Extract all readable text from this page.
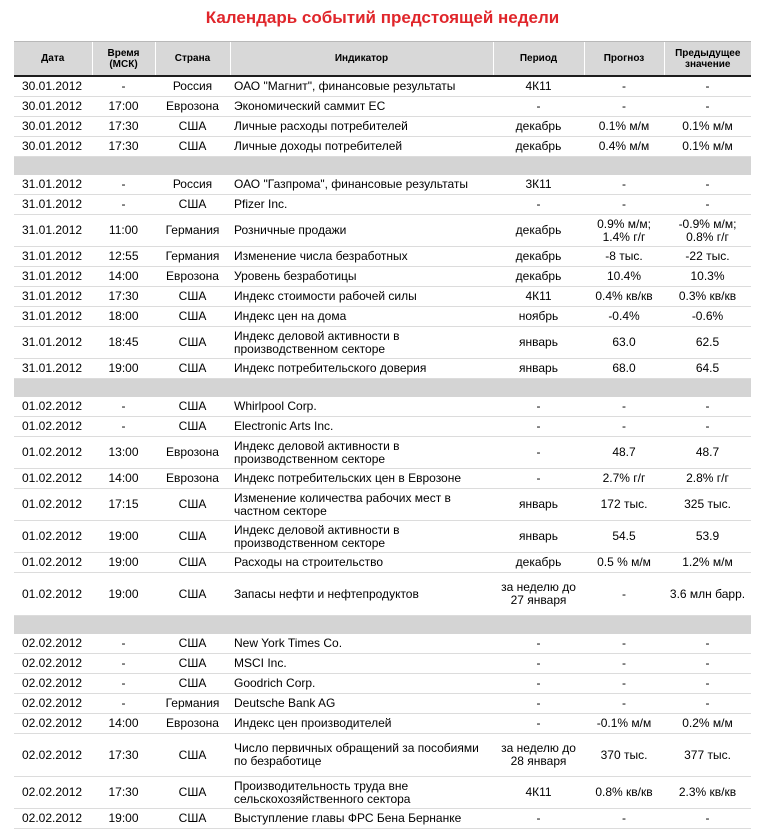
Календарь событий предстоящей недели
Дата	Время (МСК)	Страна	Индикатор	Период	Прогноз	Предыдущее значение
30.01.2012	-	Россия	ОАО "Магнит", финансовые результаты	4К11	-	-
30.01.2012	17:00	Еврозона	Экономический саммит ЕС	-	-	-
30.01.2012	17:30	США	Личные расходы потребителей	декабрь	0.1% м/м	0.1% м/м
30.01.2012	17:30	США	Личные доходы потребителей	декабрь	0.4% м/м	0.1% м/м

31.01.2012	-	Россия	ОАО "Газпрома", финансовые результаты	3К11	-	-
31.01.2012	-	США	Pfizer Inc.	-	-	-
31.01.2012	11:00	Германия	Розничные продажи	декабрь	0.9% м/м; 1.4% г/г	-0.9% м/м; 0.8% г/г
31.01.2012	12:55	Германия	Изменение числа безработных	декабрь	-8 тыс.	-22 тыс.
31.01.2012	14:00	Еврозона	Уровень безработицы	декабрь	10.4%	10.3%
31.01.2012	17:30	США	Индекс стоимости рабочей силы	4К11	0.4% кв/кв	0.3% кв/кв
31.01.2012	18:00	США	Индекс цен на дома	ноябрь	-0.4%	-0.6%
31.01.2012	18:45	США	Индекс деловой активности в производственном секторе	январь	63.0	62.5
31.01.2012	19:00	США	Индекс потребительского доверия	январь	68.0	64.5

01.02.2012	-	США	Whirlpool Corp.	-	-	-
01.02.2012	-	США	Electronic Arts Inc.	-	-	-
01.02.2012	13:00	Еврозона	Индекс деловой активности в производственном секторе	-	48.7	48.7
01.02.2012	14:00	Еврозона	Индекс потребительских цен в Еврозоне	-	2.7% г/г	2.8% г/г
01.02.2012	17:15	США	Изменение количества рабочих мест в частном секторе	январь	172 тыс.	325 тыс.
01.02.2012	19:00	США	Индекс деловой активности в производственном секторе	январь	54.5	53.9
01.02.2012	19:00	США	Расходы на строительство	декабрь	0.5 % м/м	1.2% м/м
01.02.2012	19:00	США	Запасы нефти и нефтепродуктов	за неделю до 27 января	-	3.6 млн барр.

02.02.2012	-	США	New York Times Co.	-	-	-
02.02.2012	-	США	MSCI Inc.	-	-	-
02.02.2012	-	США	Goodrich Corp.	-	-	-
02.02.2012	-	Германия	Deutsche Bank AG	-	-	-
02.02.2012	14:00	Еврозона	Индекс цен производителей	-	-0.1% м/м	0.2% м/м
02.02.2012	17:30	США	Число первичных обращений за пособиями по безработице	за неделю до 28 января	370 тыс.	377 тыс.
02.02.2012	17:30	США	Производительность труда вне сельскохозяйственного сектора	4К11	0.8% кв/кв	2.3% кв/кв
02.02.2012	19:00	США	Выступление главы ФРС Бена Бернанке	-	-	-
